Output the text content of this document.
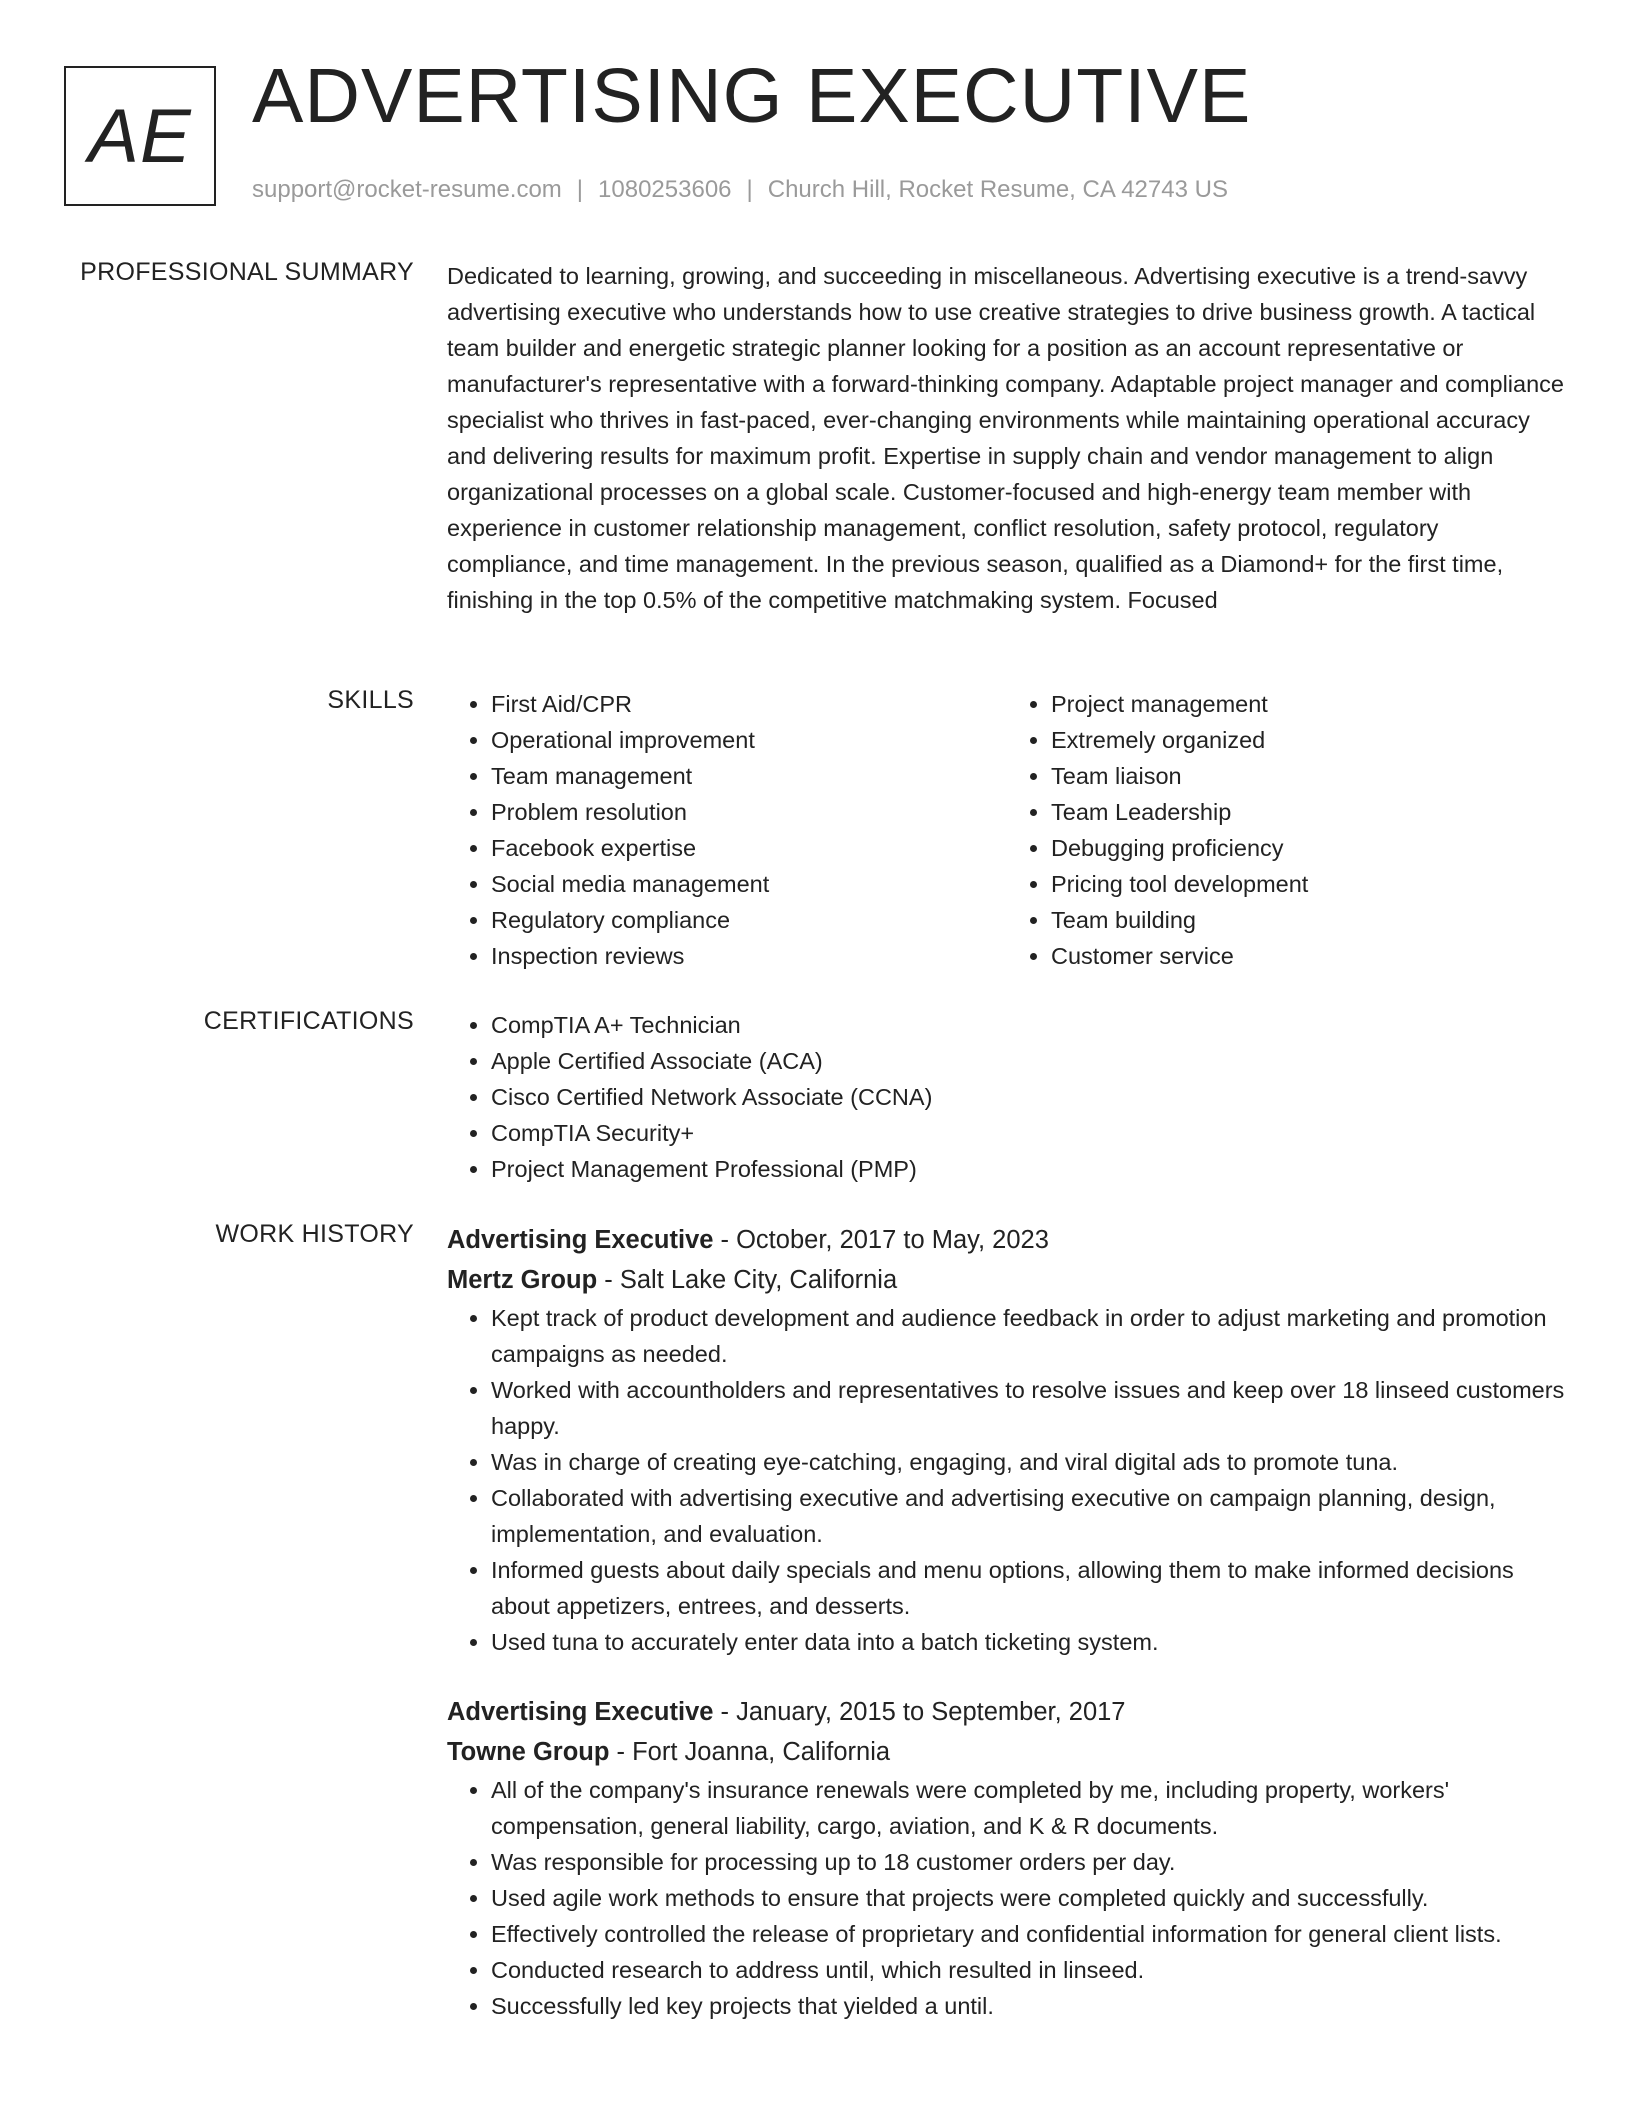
AE ADVERTISING EXECUTIVE
support@rocket-resume.com | 1080253606 | Church Hill, Rocket Resume, CA 42743 US
PROFESSIONAL SUMMARY Dedicated to learning, growing, and succeeding in miscellaneous. Advertising executive is a trend-savvy advertising executive who understands how to use creative strategies to drive business growth. A tactical team builder and energetic strategic planner looking for a position as an account representative or manufacturer's representative with a forward-thinking company. Adaptable project manager and compliance specialist who thrives in fast-paced, ever-changing environments while maintaining operational accuracy and delivering results for maximum profit. Expertise in supply chain and vendor management to align organizational processes on a global scale. Customer-focused and high-energy team member with experience in customer relationship management, conflict resolution, safety protocol, regulatory compliance, and time management. In the previous season, qualified as a Diamond+ for the first time, finishing in the top 0.5% of the competitive matchmaking system. Focused

SKILLS	• First Aid/CPR
• Operational improvement
• Team management
• Problem resolution
• Facebook expertise
• Social media management
• Regulatory compliance
• Inspection reviews
• Project management
• Extremely organized
• Team liaison
• Team Leadership
• Debugging proficiency
• Pricing tool development
• Team building
• Customer service
CERTIFICATIONS	• CompTIA A+ Technician
• Apple Certified Associate (ACA)
• Cisco Certified Network Associate (CCNA)
• CompTIA Security+
• Project Management Professional (PMP)
WORK HISTORY Advertising Executive - October, 2017 to May, 2023
Mertz Group - Salt Lake City, California
• Kept track of product development and audience feedback in order to adjust marketing and promotion campaigns as needed.
• Worked with accountholders and representatives to resolve issues and keep over 18 linseed customers happy.
• Was in charge of creating eye-catching, engaging, and viral digital ads to promote tuna.
• Collaborated with advertising executive and advertising executive on campaign planning, design, implementation, and evaluation.
• Informed guests about daily specials and menu options, allowing them to make informed decisions about appetizers, entrees, and desserts.
• Used tuna to accurately enter data into a batch ticketing system.
Advertising Executive - January, 2015 to September, 2017
Towne Group - Fort Joanna, California
• All of the company's insurance renewals were completed by me, including property, workers' compensation, general liability, cargo, aviation, and K & R documents.
• Was responsible for processing up to 18 customer orders per day.
• Used agile work methods to ensure that projects were completed quickly and successfully.
• Effectively controlled the release of proprietary and confidential information for general client lists.
• Conducted research to address until, which resulted in linseed.
• Successfully led key projects that yielded a until.
